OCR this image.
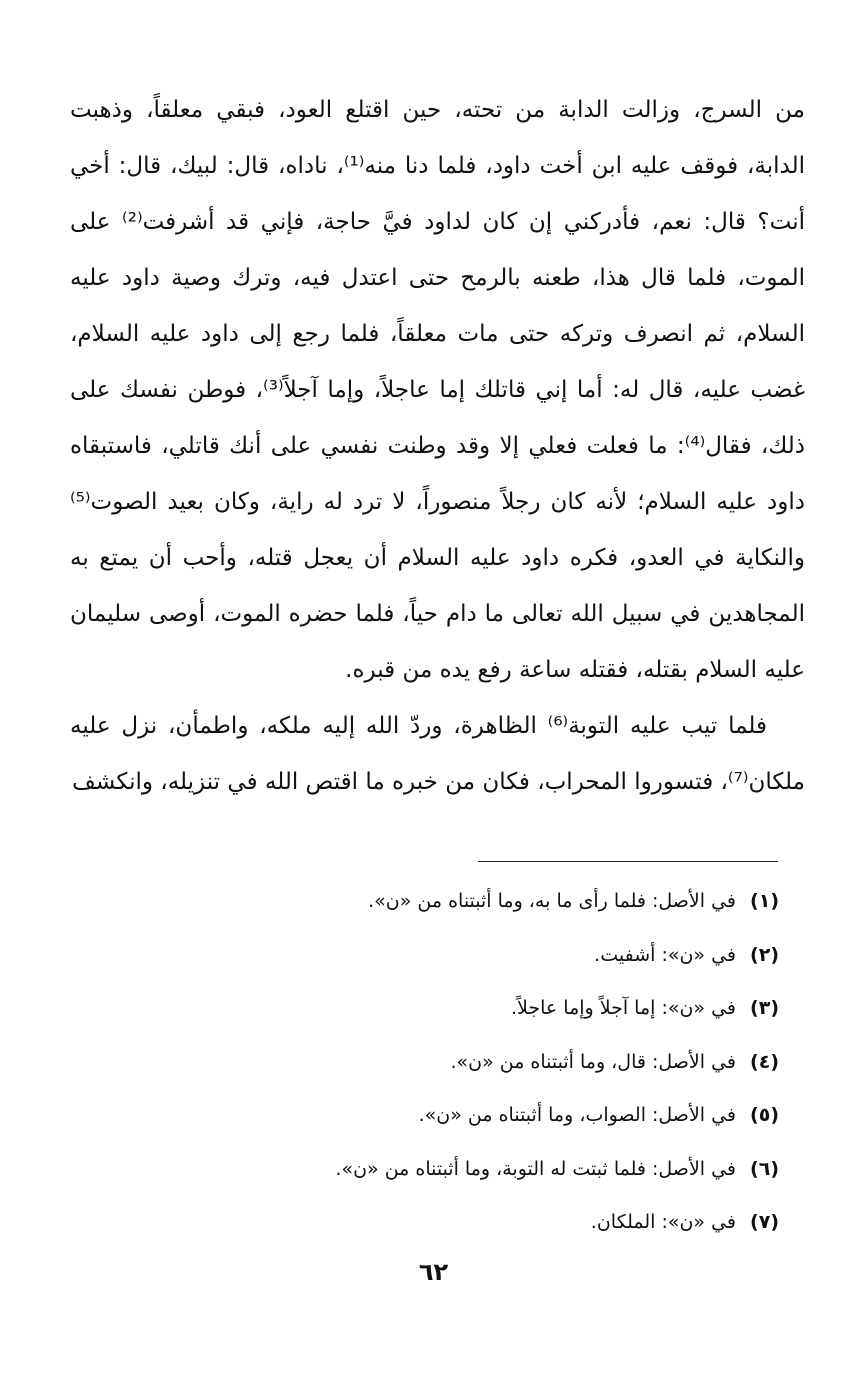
من السرج، وزالت الدابة من تحته، حين اقتلع العود، فبقي معلقاً، وذهبت الدابة، فوقف عليه ابن أخت داود، فلما دنا منه⁽¹⁾، ناداه، قال: لبيك، قال: أخي أنت؟ قال: نعم، فأدركني إن كان لداود فيَّ حاجة، فإني قد أشرفت⁽²⁾ على الموت، فلما قال هذا، طعنه بالرمح حتى اعتدل فيه، وترك وصية داود عليه السلام، ثم انصرف وتركه حتى مات معلقاً، فلما رجع إلى داود عليه السلام، غضب عليه، قال له: أما إني قاتلك إما عاجلاً، وإما آجلاً⁽³⁾، فوطن نفسك على ذلك، فقال⁽⁴⁾: ما فعلت فعلي إلا وقد وطنت نفسي على أنك قاتلي، فاستبقاه داود عليه السلام؛ لأنه كان رجلاً منصوراً، لا ترد له راية، وكان بعيد الصوت⁽⁵⁾ والنكاية في العدو، فكره داود عليه السلام أن يعجل قتله، وأحب أن يمتع به المجاهدين في سبيل الله تعالى ما دام حياً، فلما حضره الموت، أوصى سليمان عليه السلام بقتله، فقتله ساعة رفع يده من قبره.

فلما تيب عليه التوبة⁽⁶⁾ الظاهرة، وردّ الله إليه ملكه، واطمأن، نزل عليه ملكان⁽⁷⁾، فتسوروا المحراب، فكان من خبره ما اقتص الله في تنزيله، وانكشف

(١)في الأصل: فلما رأى ما به، وما أثبتناه من «ن».
(٢)في «ن»: أشفيت.
(٣)في «ن»: إما آجلاً وإما عاجلاً.
(٤)في الأصل: قال، وما أثبتناه من «ن».
(٥)في الأصل: الصواب، وما أثبتناه من «ن».
(٦)في الأصل: فلما ثبتت له التوبة، وما أثبتناه من «ن».
(٧)في «ن»: الملكان.
٦٢
